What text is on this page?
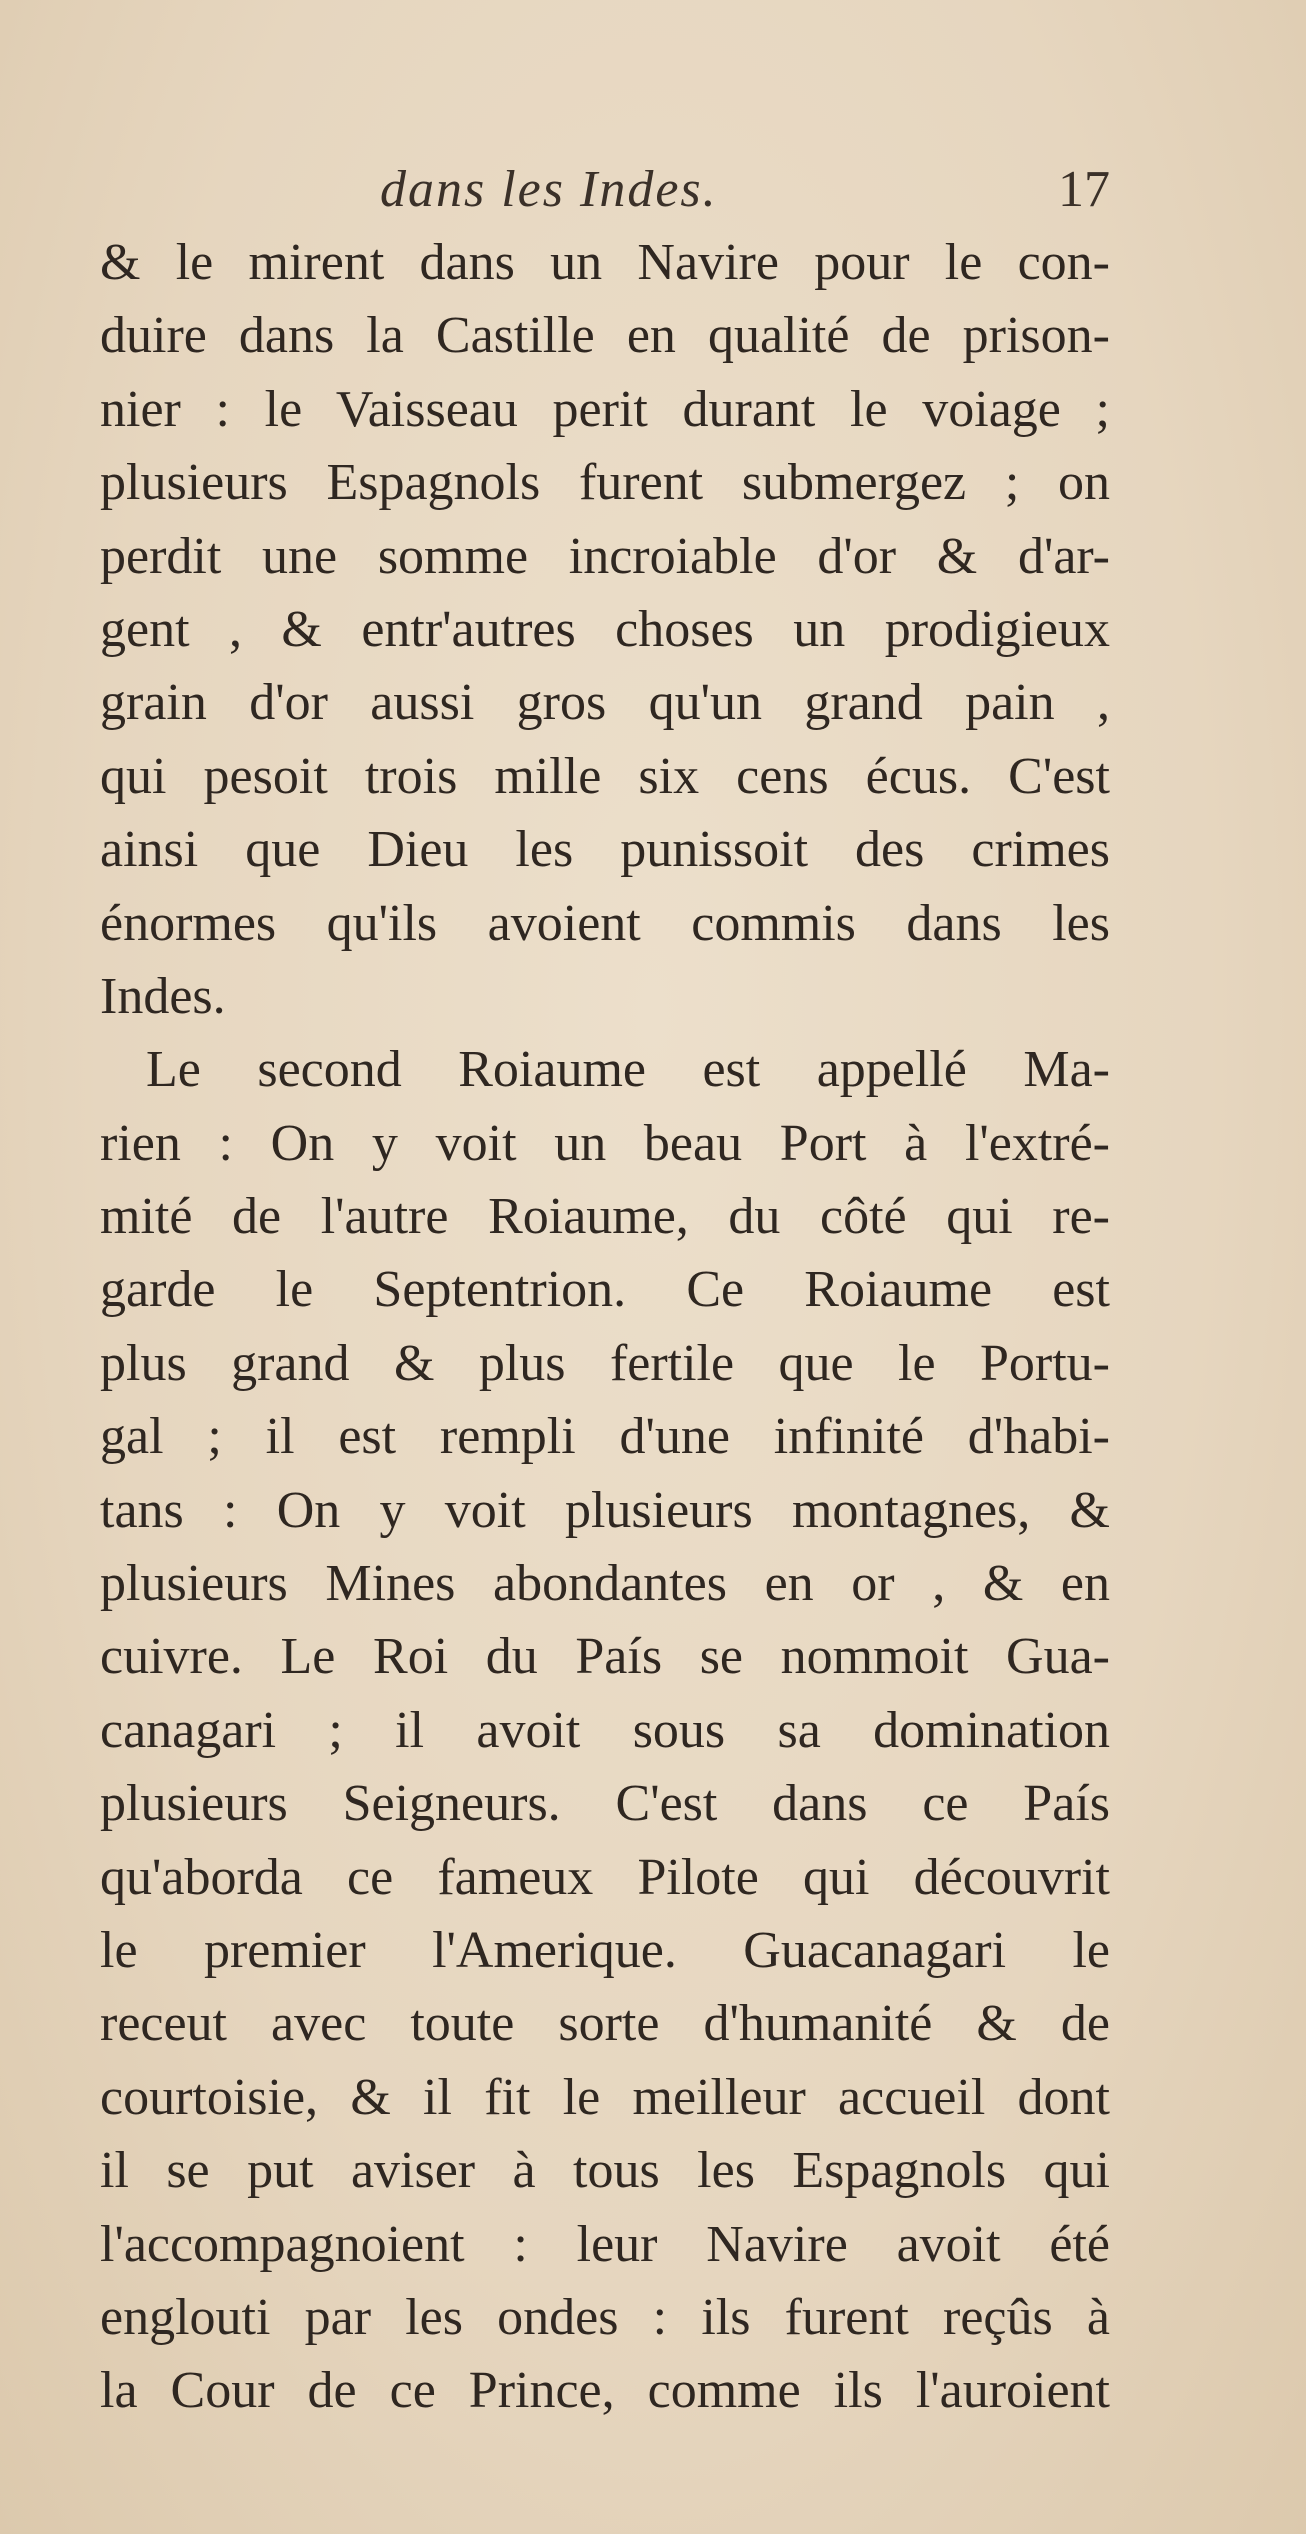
dans les Indes.	17
& le mirent dans un Navire pour le con-
duire dans la Castille en qualité de prison-
nier : le Vaisseau perit durant le voiage ;
plusieurs Espagnols furent submergez ; on
perdit une somme incroiable d'or & d'ar-
gent , & entr'autres choses un prodigieux
grain d'or aussi gros qu'un grand pain ,
qui pesoit trois mille six cens écus. C'est
ainsi que Dieu les punissoit des crimes
énormes qu'ils avoient commis dans les
Indes.
Le second Roiaume est appellé Ma-
rien : On y voit un beau Port à l'extré-
mité de l'autre Roiaume, du côté qui re-
garde le Septentrion. Ce Roiaume est
plus grand & plus fertile que le Portu-
gal ; il est rempli d'une infinité d'habi-
tans : On y voit plusieurs montagnes, &
plusieurs Mines abondantes en or , & en
cuivre. Le Roi du País se nommoit Gua-
canagari ; il avoit sous sa domination
plusieurs Seigneurs. C'est dans ce País
qu'aborda ce fameux Pilote qui découvrit
le premier l'Amerique. Guacanagari le
receut avec toute sorte d'humanité & de
courtoisie, & il fit le meilleur accueil dont
il se put aviser à tous les Espagnols qui
l'accompagnoient : leur Navire avoit été
englouti par les ondes : ils furent reçûs à
la Cour de ce Prince, comme ils l'auroient
